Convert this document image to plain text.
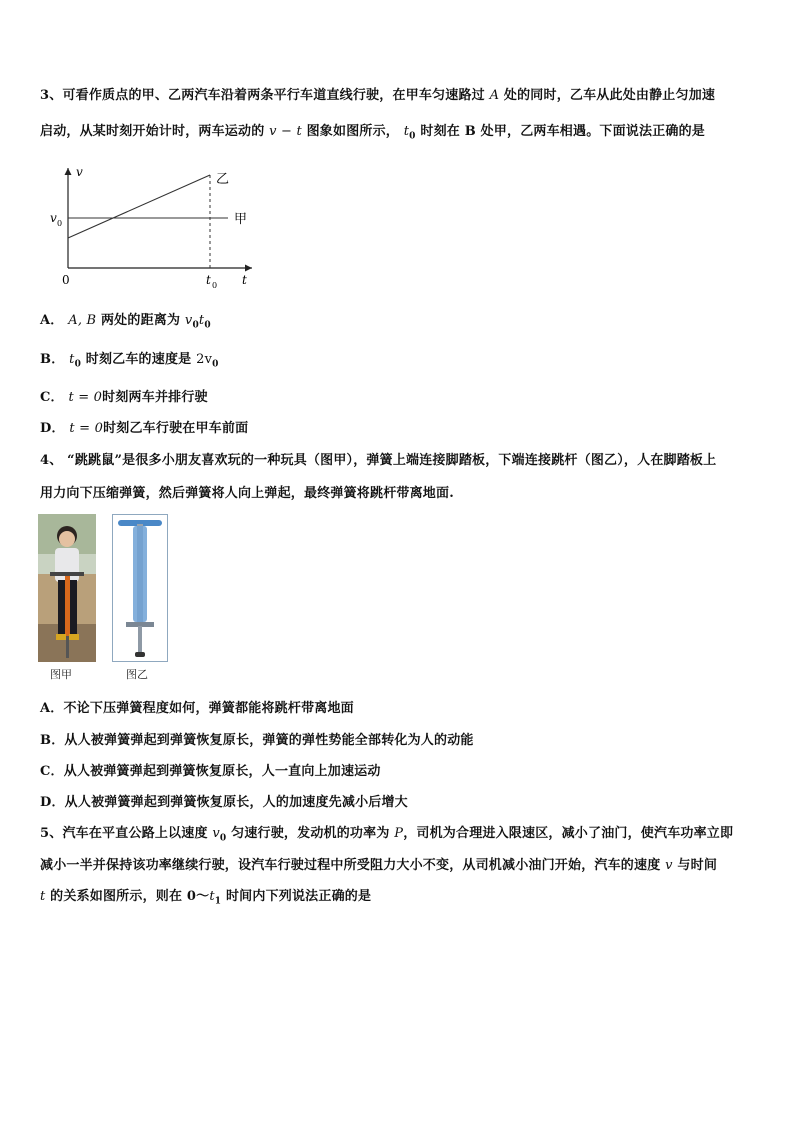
3、可看作质点的甲、乙两汽车沿着两条平行车道直线行驶，在甲车匀速路过 A 处的同时，乙车从此处由静止匀加速
启动，从某时刻开始计时，两车运动的 v − t 图象如图所示， $t_0$ 时刻在 B 处甲，乙两车相遇。下面说法正确的是
v
v 0
0	t 0 t
甲
乙
A． A, B 两处的距离为 $v_0t_0$
B． $t_0$ 时刻乙车的速度是 $2v_0$
C． t = 0时刻两车并排行驶
D． t = 0时刻乙车行驶在甲车前面
4、 “跳跳鼠”是很多小朋友喜欢玩的一种玩具（图甲），弹簧上端连接脚踏板，下端连接跳杆（图乙），人在脚踏板上
用力向下压缩弹簧，然后弹簧将人向上弹起，最终弹簧将跳杆带离地面.
图甲	图乙
A．不论下压弹簧程度如何，弹簧都能将跳杆带离地面
B．从人被弹簧弹起到弹簧恢复原长，弹簧的弹性势能全部转化为人的动能
C．从人被弹簧弹起到弹簧恢复原长，人一直向上加速运动
D．从人被弹簧弹起到弹簧恢复原长，人的加速度先减小后增大
5、汽车在平直公路上以速度 $v_0$ 匀速行驶，发动机的功率为 P，司机为合理进入限速区，减小了油门，使汽车功率立即
减小一半并保持该功率继续行驶，设汽车行驶过程中所受阻力大小不变，从司机减小油门开始，汽车的速度 v 与时间
t 的关系如图所示，则在 $0\sim t_1$ 时间内下列说法正确的是
